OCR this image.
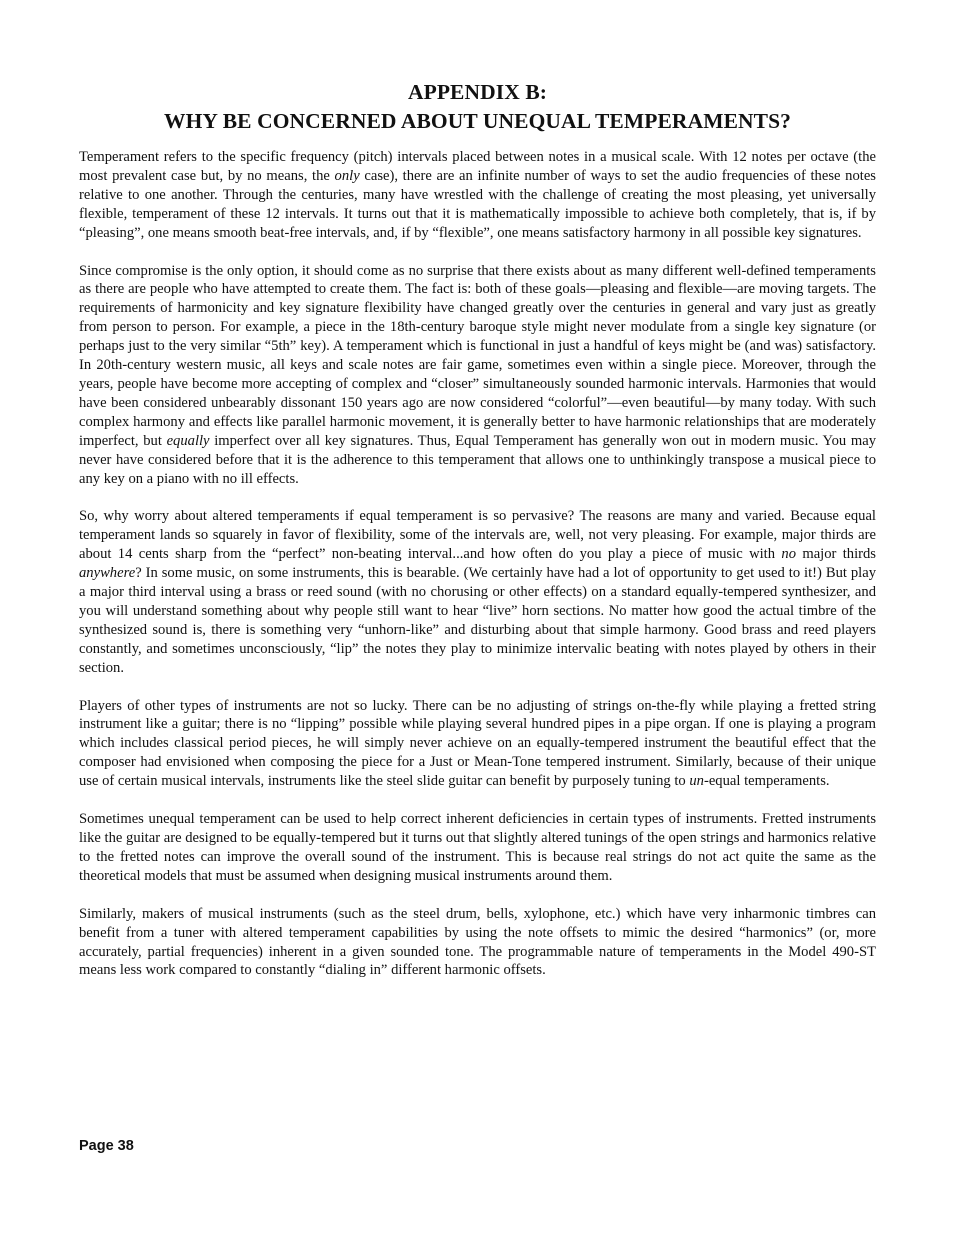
APPENDIX B:
WHY BE CONCERNED ABOUT UNEQUAL TEMPERAMENTS?

Temperament refers to the specific frequency (pitch) intervals placed between notes in a musical scale. With 12 notes per octave (the most prevalent case but, by no means, the only case), there are an infinite number of ways to set the audio frequencies of these notes relative to one another. Through the centuries, many have wrestled with the challenge of creating the most pleasing, yet universally flexible, temperament of these 12 intervals. It turns out that it is mathematically impossible to achieve both completely, that is, if by “pleasing”, one means smooth beat-free intervals, and, if by “flexible”, one means satisfactory harmony in all possible key signatures.

Since compromise is the only option, it should come as no surprise that there exists about as many different well-defined temperaments as there are people who have attempted to create them. The fact is: both of these goals—pleasing and flexible—are moving targets. The requirements of harmonicity and key signature flexibility have changed greatly over the centuries in general and vary just as greatly from person to person. For example, a piece in the 18th-century baroque style might never modulate from a single key signature (or perhaps just to the very similar “5th” key). A temperament which is functional in just a handful of keys might be (and was) satisfactory. In 20th-century western music, all keys and scale notes are fair game, sometimes even within a single piece. Moreover, through the years, people have become more accepting of complex and “closer” simultaneously sounded harmonic intervals. Harmonies that would have been considered unbearably dissonant 150 years ago are now considered “colorful”—even beautiful—by many today. With such complex harmony and effects like parallel harmonic movement, it is generally better to have harmonic relationships that are moderately imperfect, but equally imperfect over all key signatures. Thus, Equal Temperament has generally won out in modern music. You may never have considered before that it is the adherence to this temperament that allows one to unthinkingly transpose a musical piece to any key on a piano with no ill effects.

So, why worry about altered temperaments if equal temperament is so pervasive? The reasons are many and varied. Because equal temperament lands so squarely in favor of flexibility, some of the intervals are, well, not very pleasing. For example, major thirds are about 14 cents sharp from the “perfect” non-beating interval...and how often do you play a piece of music with no major thirds anywhere? In some music, on some instruments, this is bearable. (We certainly have had a lot of opportunity to get used to it!) But play a major third interval using a brass or reed sound (with no chorusing or other effects) on a standard equally-tempered synthesizer, and you will understand something about why people still want to hear “live” horn sections. No matter how good the actual timbre of the synthesized sound is, there is something very “unhorn-like” and disturbing about that simple harmony. Good brass and reed players constantly, and sometimes unconsciously, “lip” the notes they play to minimize intervalic beating with notes played by others in their section.

Players of other types of instruments are not so lucky. There can be no adjusting of strings on-the-fly while playing a fretted string instrument like a guitar; there is no “lipping” possible while playing several hundred pipes in a pipe organ. If one is playing a program which includes classical period pieces, he will simply never achieve on an equally-tempered instrument the beautiful effect that the composer had envisioned when composing the piece for a Just or Mean-Tone tempered instrument. Similarly, because of their unique use of certain musical intervals, instruments like the steel slide guitar can benefit by purposely tuning to un-equal temperaments.

Sometimes unequal temperament can be used to help correct inherent deficiencies in certain types of instruments. Fretted instruments like the guitar are designed to be equally-tempered but it turns out that slightly altered tunings of the open strings and harmonics relative to the fretted notes can improve the overall sound of the instrument. This is because real strings do not act quite the same as the theoretical models that must be assumed when designing musical instruments around them.

Similarly, makers of musical instruments (such as the steel drum, bells, xylophone, etc.) which have very inharmonic timbres can benefit from a tuner with altered temperament capabilities by using the note offsets to mimic the desired “harmonics” (or, more accurately, partial frequencies) inherent in a given sounded tone. The programmable nature of temperaments in the Model 490-ST means less work compared to constantly “dialing in” different harmonic offsets.

Page 38
